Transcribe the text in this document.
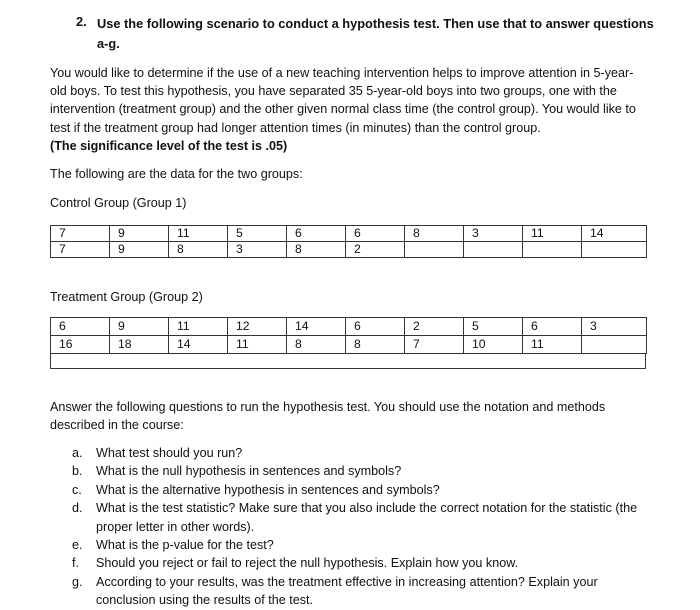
2. Use the following scenario to conduct a hypothesis test. Then use that to answer questions a-g.
You would like to determine if the use of a new teaching intervention helps to improve attention in 5-year-old boys. To test this hypothesis, you have separated 35 5-year-old boys into two groups, one with the intervention (treatment group) and the other given normal class time (the control group). You would like to test if the treatment group had longer attention times (in minutes) than the control group.
(The significance level of the test is .05)
The following are the data for the two groups:
Control Group (Group 1)
7	9	11	5	6	6	8	3	11	14
7	9	8	3	8	2				
Treatment Group (Group 2)
6	9	11	12	14	6	2	5	6	3
16	18	14	11	8	8	7	10	11	
Answer the following questions to run the hypothesis test. You should use the notation and methods described in the course:
a. What test should you run?
b. What is the null hypothesis in sentences and symbols?
c. What is the alternative hypothesis in sentences and symbols?
d. What is the test statistic? Make sure that you also include the correct notation for the statistic (the proper letter in other words).
e. What is the p-value for the test?
f. Should you reject or fail to reject the null hypothesis. Explain how you know.
g. According to your results, was the treatment effective in increasing attention? Explain your conclusion using the results of the test.
